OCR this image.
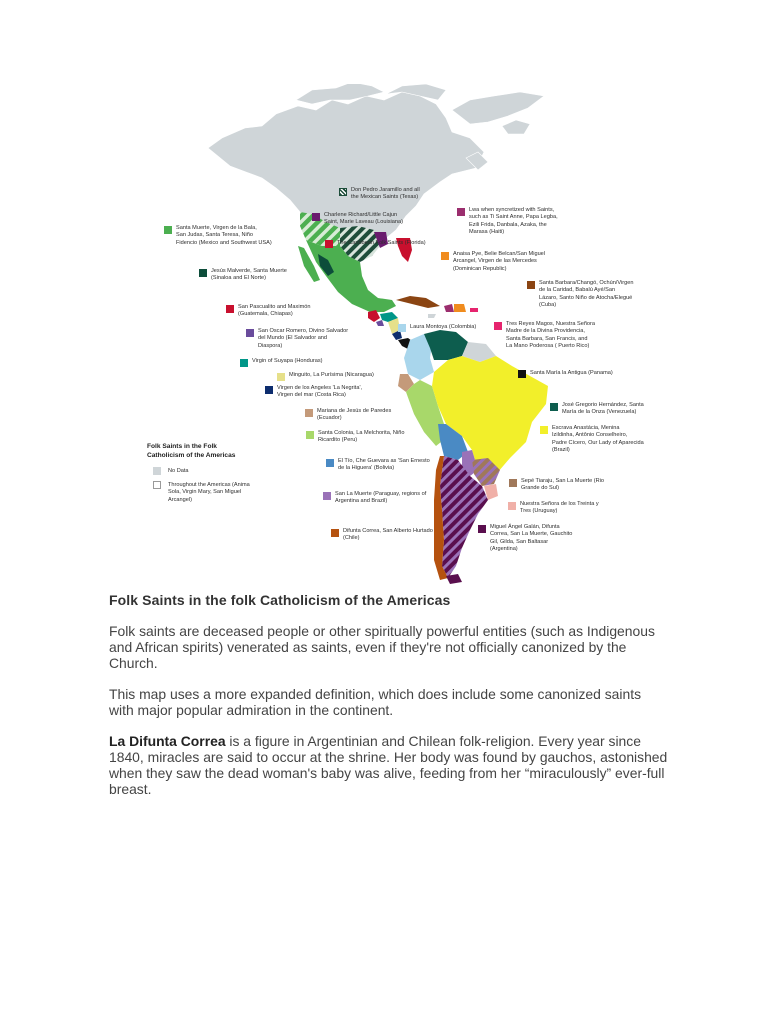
Don Pedro Jaramillo and all
the Mexican Saints (Texas)
Charlene Richard/Little Cajun
Saint, Marie Laveau (Louisiana)
The Caribbean Folk Saints (Florida)
Lwa when syncretized with Saints,
such as Ti Saint Anne, Papa Legba,
Ezili Frida, Danbala, Azaka, the
Marasa (Haiti)
Anaisa Pye, Belie Belcan/San Miguel
Arcangel, Virgen de las Mercedes
(Dominican Republic)
Santa Barbara/Changó, Ochún/Virgen
de la Caridad, Babalú Ayé/San
Lázaro, Santo Niño de Atocha/Elegué
(Cuba)
Santa Muerte, Virgen de la Bala,
San Judas, Santa Teresa, Niño
Fidencio (Mexico and Southwest USA)
Jesús Malverde, Santa Muerte
(Sinaloa and El Norte)
San Pascualito and Maximón
(Guatemala, Chiapas)
San Oscar Romero, Divino Salvador
del Mundo (El Salvador and
Diaspora)
Virgin of Suyapa (Honduras)
Minguito, La Purísima (Nicaragua)
Virgen de los Angeles 'La Negrita',
Virgen del mar (Costa Rica)
Mariana de Jesús de Paredes
(Ecuador)
Santa Colonia, La Melchorita, Niño
Ricardito (Peru)
El Tío, Che Guevara as 'San Ernesto
de la Higuera' (Bolivia)
San La Muerte (Paraguay, regions of
Argentina and Brazil)
Difunta Correa, San Alberto Hurtado
(Chile)
Laura Montoya (Colombia)	Tres Reyes Magos, Nuestra Señora
Madre de la Divina Providencia,
Santa Barbara, San Francis, and
La Mano Poderosa ( Puerto Rico)
Santa María la Antigua (Panama)
José Gregorio Hernández, Santa
María de la Onza (Venezuela)
Escrava Anastácia, Menina
Izildinha, Antônio Conselheiro,
Padre Cícero, Our Lady of Aparecida
(Brazil)
Sepé Tiaraju, San La Muerte (Rio
Grande do Sul)
Nuestra Señora de los Treinta y
Tres (Uruguay)
Miguel Ángel Galán, Difunta
Correa, San La Muerte, Gauchito
Gil, Gilda, San Baltasar
(Argentina)
Folk Saints in the Folk
Catholicism of the Americas
No Data
Throughout the Americas (Anima
Sola, Virgin Mary, San Miguel
Arcangel)
Folk Saints in the folk Catholicism of the Americas

Folk saints are deceased people or other spiritually powerful entities (such as Indigenous and African spirits) venerated as saints, even if they're not officially canonized by the Church.

This map uses a more expanded definition, which does include some canonized saints with major popular admiration in the continent.

La Difunta Correa is a figure in Argentinian and Chilean folk-religion. Every year since 1840, miracles are said to occur at the shrine. Her body was found by gauchos, astonished when they saw the dead woman's baby was alive, feeding from her “miraculously” ever-full breast.
